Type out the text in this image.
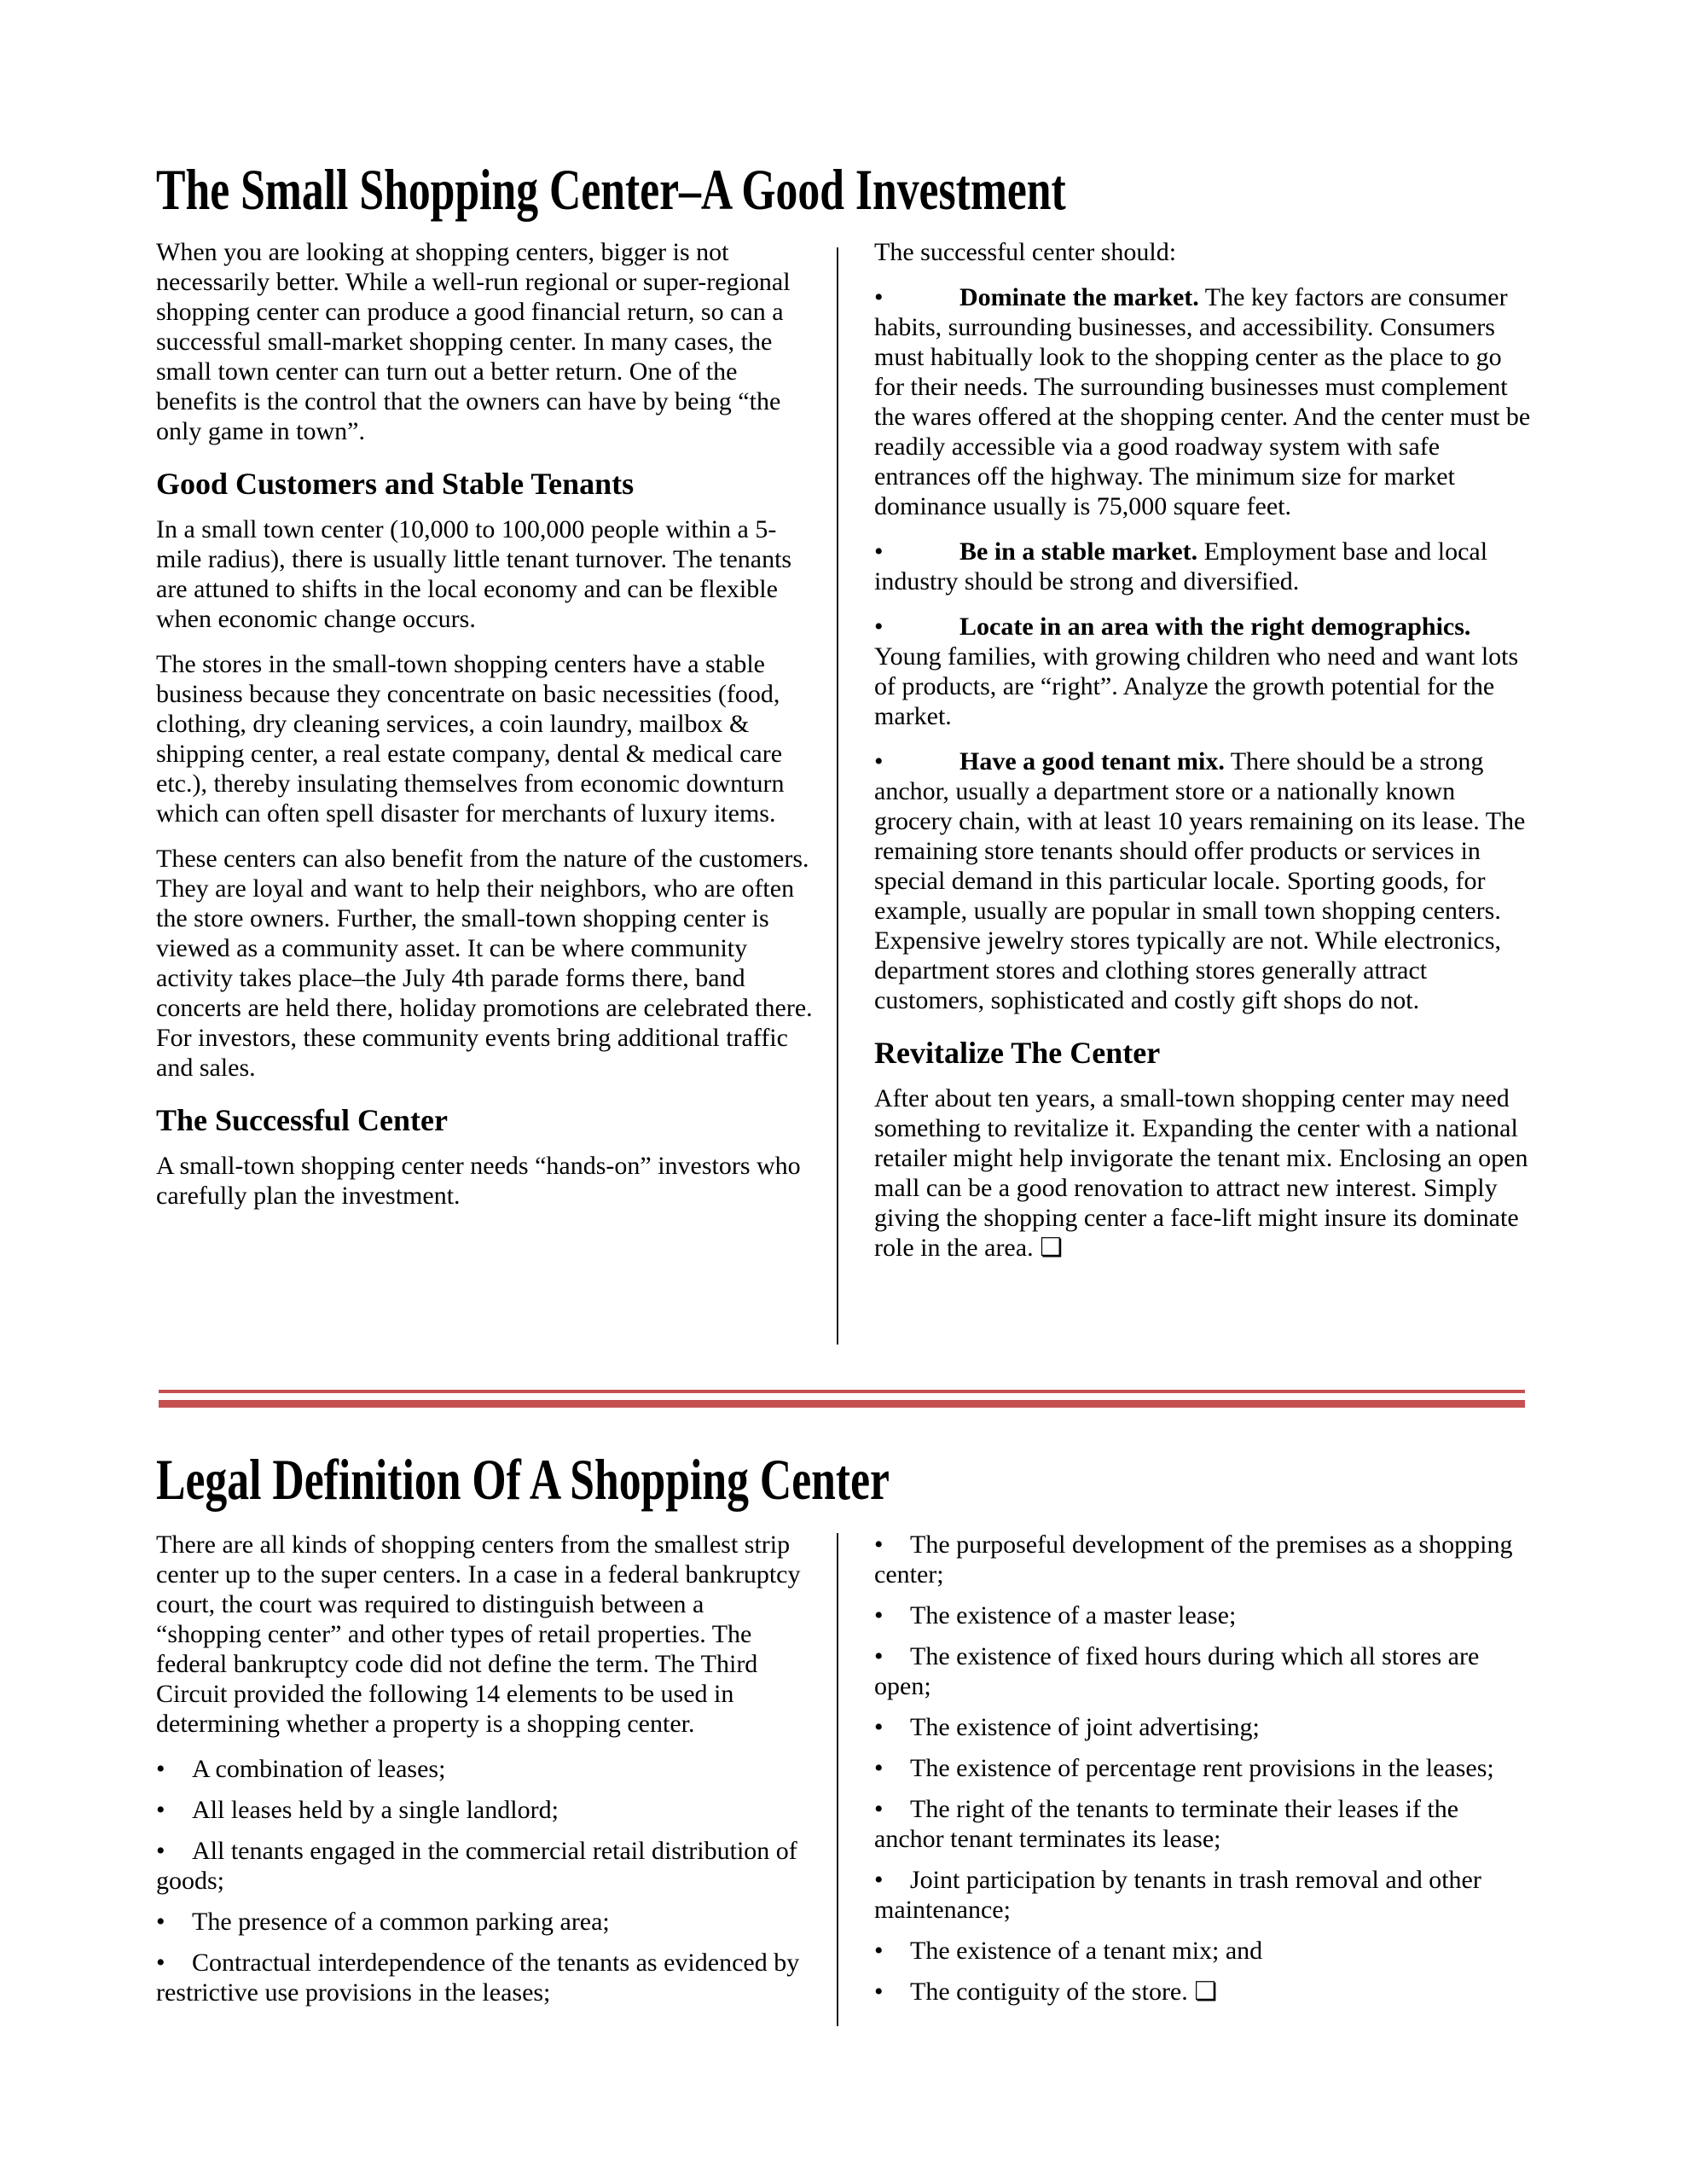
The Small Shopping Center–A Good Investment

When you are looking at shopping centers, bigger is not necessarily better. While a well-run regional or super-regional shopping center can produce a good financial return, so can a successful small-market shopping center. In many cases, the small town center can turn out a better return. One of the benefits is the control that the owners can have by being “the only game in town”.

Good Customers and Stable Tenants

In a small town center (10,000 to 100,000 people within a 5-mile radius), there is usually little tenant turnover. The tenants are attuned to shifts in the local economy and can be flexible when economic change occurs.

The stores in the small-town shopping centers have a stable business because they concentrate on basic necessities (food, clothing, dry cleaning services, a coin laundry, mailbox & shipping center, a real estate company, dental & medical care etc.), thereby insulating themselves from economic downturn which can often spell disaster for merchants of luxury items.

These centers can also benefit from the nature of the customers. They are loyal and want to help their neighbors, who are often the store owners. Further, the small-town shopping center is viewed as a community asset. It can be where community activity takes place–the July 4th parade forms there, band concerts are held there, holiday promotions are celebrated there. For investors, these community events bring additional traffic and sales.

The Successful Center

A small-town shopping center needs “hands-on” investors who carefully plan the investment.

The successful center should:

•	Dominate the market. The key factors are consumer habits, surrounding businesses, and accessibility. Consumers must habitually look to the shopping center as the place to go for their needs. The surrounding businesses must complement the wares offered at the shopping center. And the center must be readily accessible via a good roadway system with safe entrances off the highway. The minimum size for market dominance usually is 75,000 square feet.

•	Be in a stable market. Employment base and local industry should be strong and diversified.

•	Locate in an area with the right demographics. Young families, with growing children who need and want lots of products, are “right”. Analyze the growth potential for the market.

•	Have a good tenant mix. There should be a strong anchor, usually a department store or a nationally known grocery chain, with at least 10 years remaining on its lease. The remaining store tenants should offer products or services in special demand in this particular locale. Sporting goods, for example, usually are popular in small town shopping centers. Expensive jewelry stores typically are not. While electronics, department stores and clothing stores generally attract customers, sophisticated and costly gift shops do not.

Revitalize The Center

After about ten years, a small-town shopping center may need something to revitalize it. Expanding the center with a national retailer might help invigorate the tenant mix. Enclosing an open mall can be a good renovation to attract new interest. Simply giving the shopping center a face-lift might insure its dominate role in the area. ❏

Legal Definition Of A Shopping Center

There are all kinds of shopping centers from the smallest strip center up to the super centers. In a case in a federal bankruptcy court, the court was required to distinguish between a “shopping center” and other types of retail properties. The federal bankruptcy code did not define the term. The Third Circuit provided the following 14 elements to be used in determining whether a property is a shopping center.

• A combination of leases;

• All leases held by a single landlord;

• All tenants engaged in the commercial retail distribution of goods;

• The presence of a common parking area;

• Contractual interdependence of the tenants as evidenced by restrictive use provisions in the leases;

• The purposeful development of the premises as a shopping center;

• The existence of a master lease;

• The existence of fixed hours during which all stores are open;

• The existence of joint advertising;

• The existence of percentage rent provisions in the leases;

• The right of the tenants to terminate their leases if the anchor tenant terminates its lease;

• Joint participation by tenants in trash removal and other maintenance;

• The existence of a tenant mix; and

• The contiguity of the store. ❏
